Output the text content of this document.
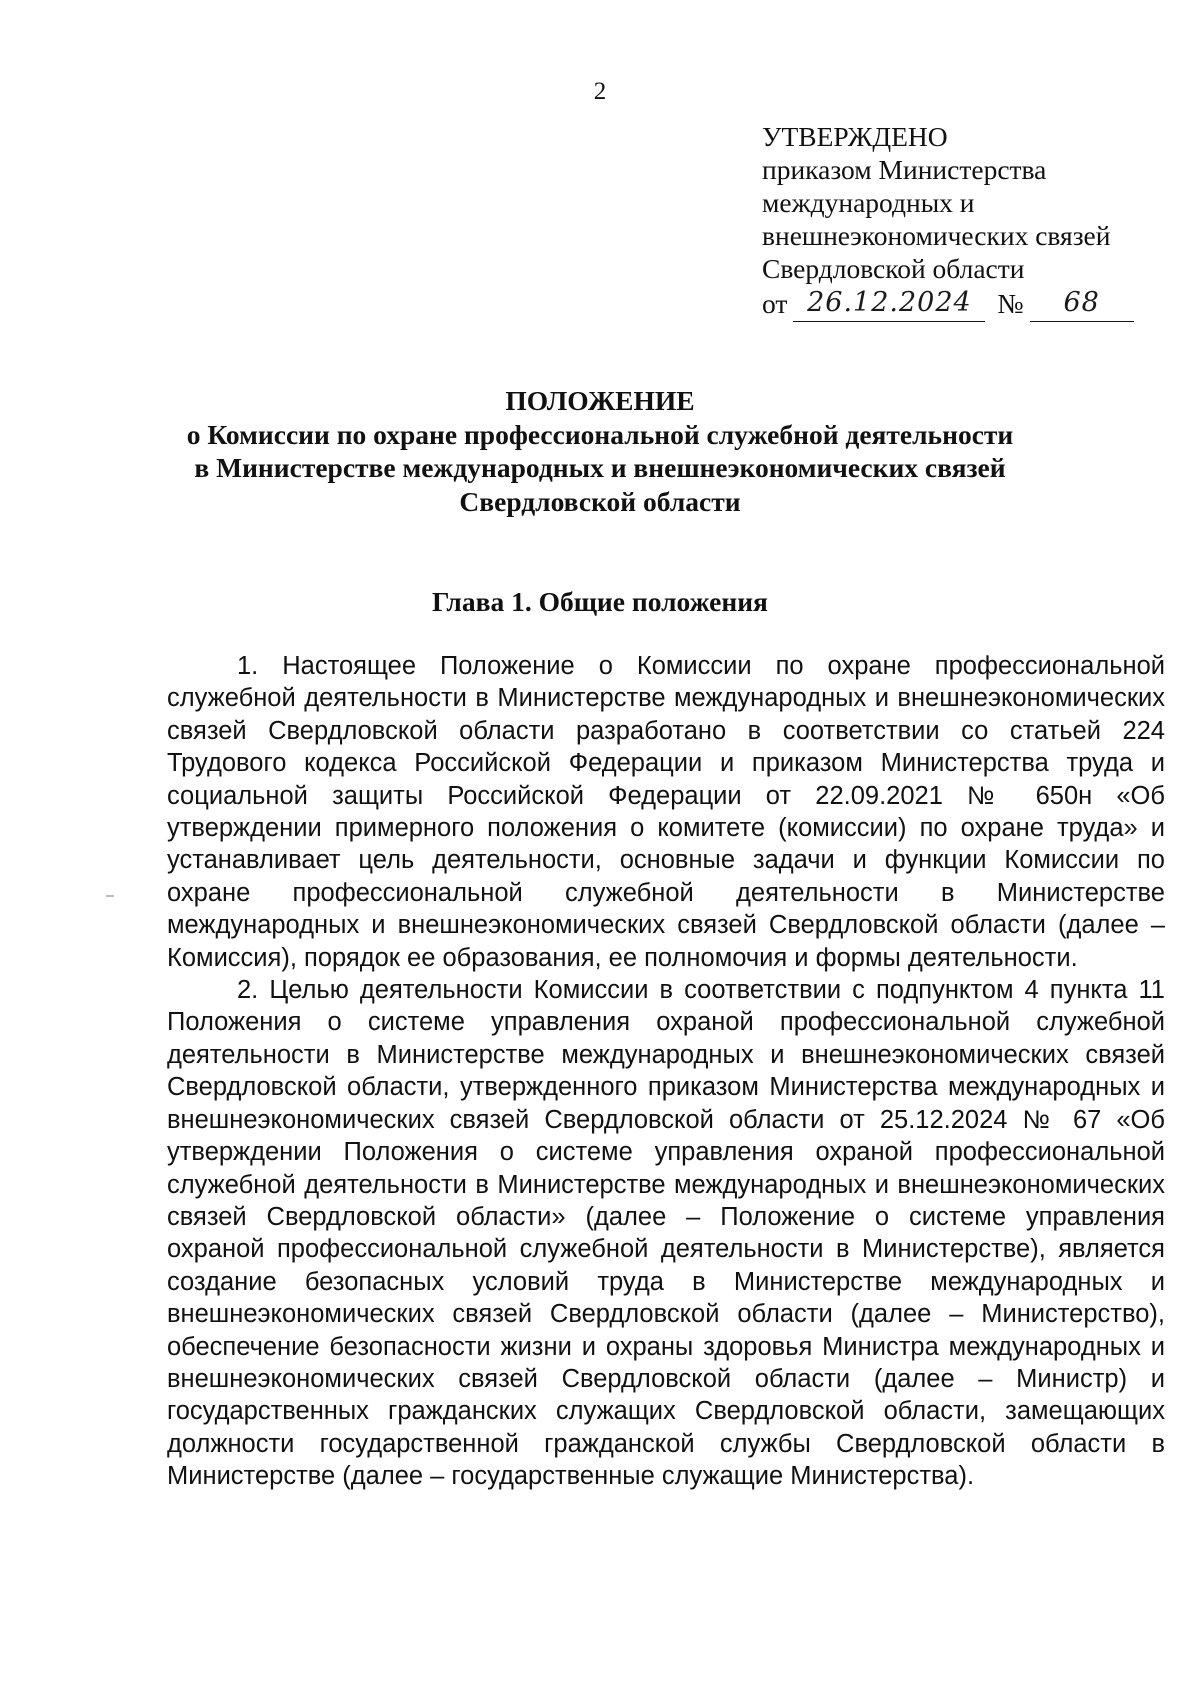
2
УТВЕРЖДЕНО
приказом Министерства
международных и
внешнеэкономических связей
Свердловской области
от 26.12.2024 № 68
ПОЛОЖЕНИЕ
о Комиссии по охране профессиональной служебной деятельности
в Министерстве международных и внешнеэкономических связей
Свердловской области
Глава 1. Общие положения

1. Настоящее Положение о Комиссии по охране профессиональной служебной деятельности в Министерстве международных и внешнеэкономических связей Свердловской области разработано в соответствии со статьей 224 Трудового кодекса Российской Федерации и приказом Министерства труда и социальной защиты Российской Федерации от 22.09.2021 № 650н «Об утверждении примерного положения о комитете (комиссии) по охране труда» и устанавливает цель деятельности, основные задачи и функции Комиссии по охране профессиональной служебной деятельности в Министерстве международных и внешнеэкономических связей Свердловской области (далее – Комиссия), порядок ее образования, ее полномочия и формы деятельности.

2. Целью деятельности Комиссии в соответствии с подпунктом 4 пункта 11 Положения о системе управления охраной профессиональной служебной деятельности в Министерстве международных и внешнеэкономических связей Свердловской области, утвержденного приказом Министерства международных и внешнеэкономических связей Свердловской области от 25.12.2024 № 67 «Об утверждении Положения о системе управления охраной профессиональной служебной деятельности в Министерстве международных и внешнеэкономических связей Свердловской области» (далее – Положение о системе управления охраной профессиональной служебной деятельности в Министерстве), является создание безопасных условий труда в Министерстве международных и внешнеэкономических связей Свердловской области (далее – Министерство), обеспечение безопасности жизни и охраны здоровья Министра международных и внешнеэкономических связей Свердловской области (далее – Министр) и государственных гражданских служащих Свердловской области, замещающих должности государственной гражданской службы Свердловской области в Министерстве (далее – государственные служащие Министерства).
